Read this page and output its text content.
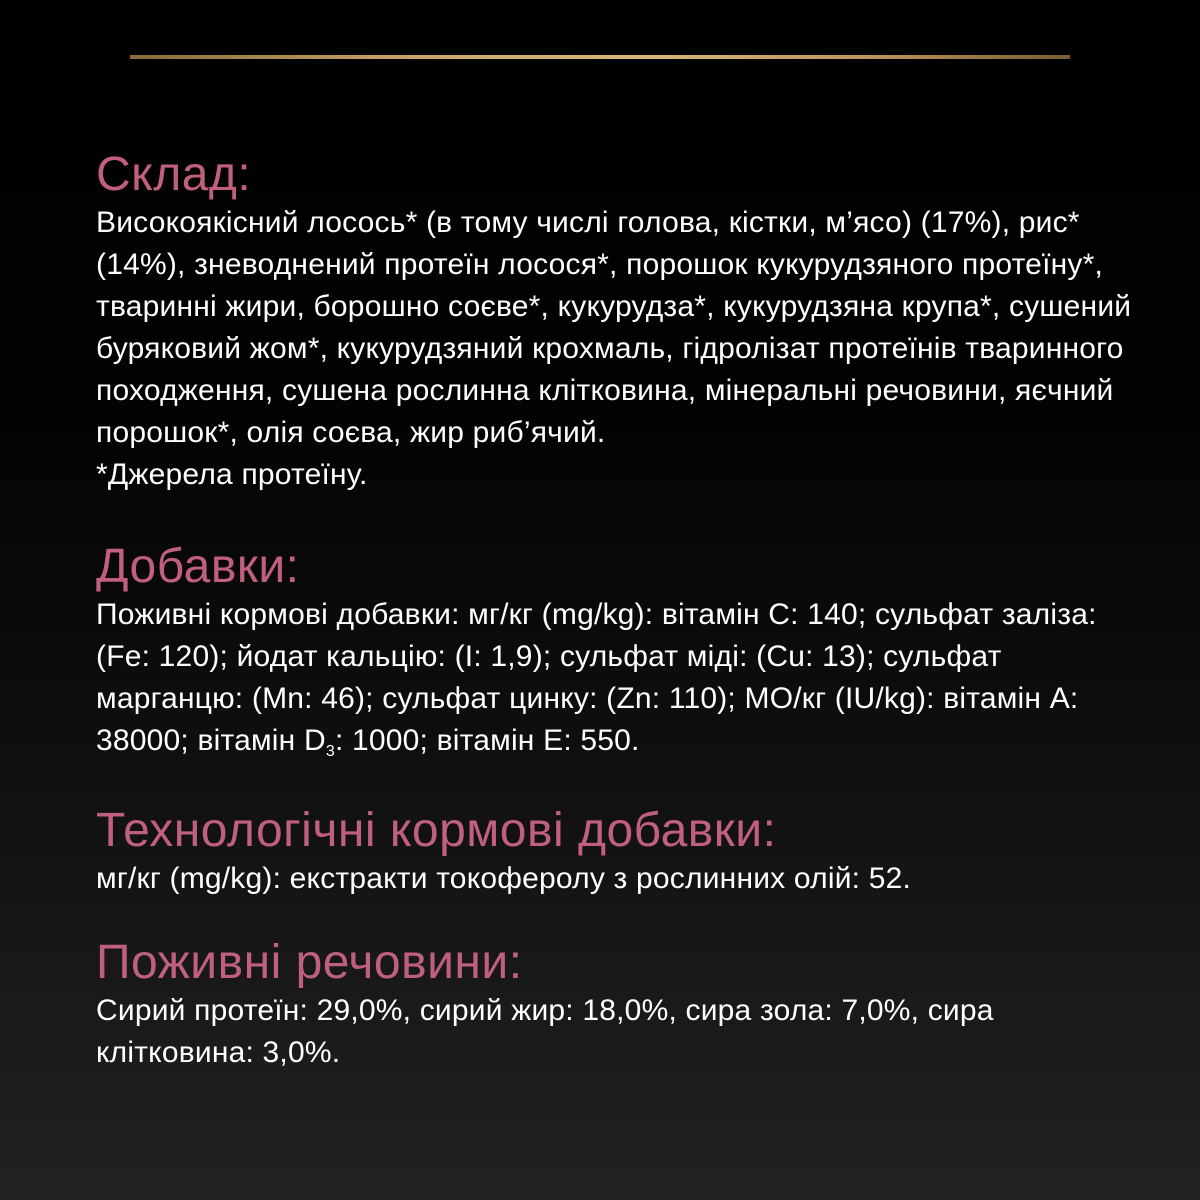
Склад:

Високоякісний лосось* (в тому числі голова, кістки, м’ясо) (17%), рис* (14%), зневоднений протеїн лосося*, порошок кукурудзяного протеїну*, тваринні жири, борошно соєве*, кукурудза*, кукурудзяна крупа*, сушений буряковий жом*, кукурудзяний крохмаль, гідролізат протеїнів тваринного походження, сушена рослинна клітковина, мінеральні речовини, яєчний порошок*, олія соєва, жир риб’ячий.

*Джерела протеїну.

Добавки:

Поживні кормові добавки: мг/кг (mg/kg): вітамін С: 140; сульфат заліза: (Fe: 120); йодат кальцію: (I: 1,9); сульфат міді: (Cu: 13); сульфат марганцю: (Mn: 46); сульфат цинку: (Zn: 110); МО/кг (IU/kg): вітамін А: 38000; вітамін $D_3$: 1000; вітамін Е: 550.

Технологічні кормові добавки:

мг/кг (mg/kg): екстракти токоферолу з рослинних олій: 52.

Поживні речовини:

Сирий протеїн: 29,0%, сирий жир: 18,0%, сира зола: 7,0%, сира клітковина: 3,0%.
